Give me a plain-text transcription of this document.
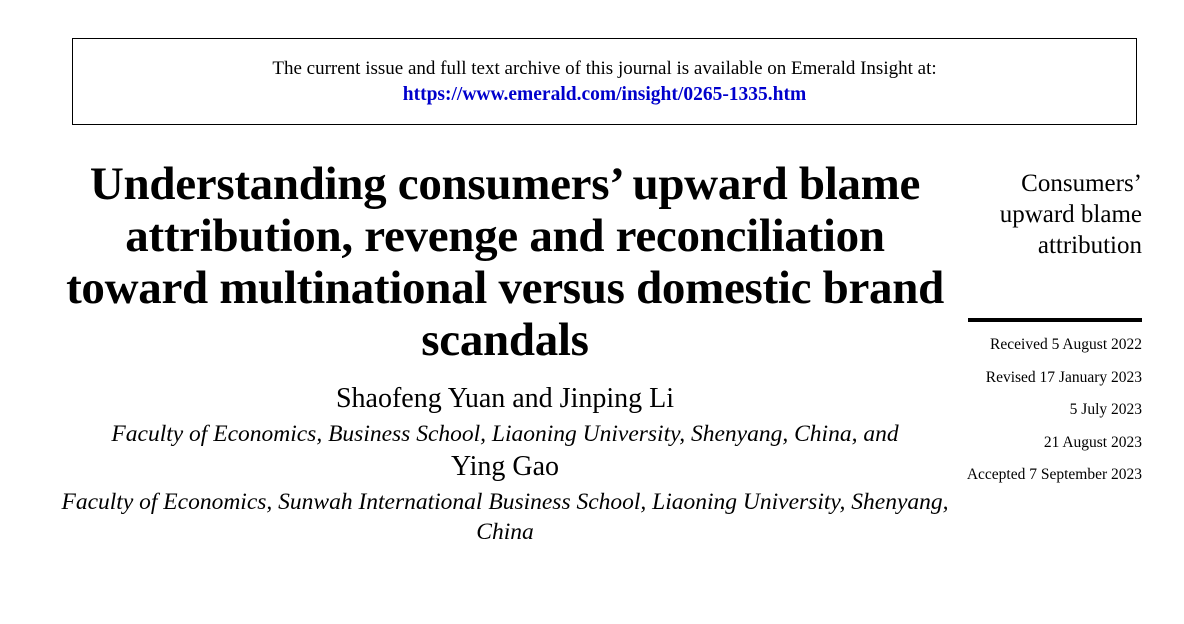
The current issue and full text archive of this journal is available on Emerald Insight at:
https://www.emerald.com/insight/0265-1335.htm
Understanding consumers’ upward blame attribution, revenge and reconciliation toward multinational versus domestic brand scandals
Shaofeng Yuan and Jinping Li
Faculty of Economics, Business School, Liaoning University, Shenyang, China, and
Ying Gao
Faculty of Economics, Sunwah International Business School, Liaoning University, Shenyang, China
Consumers’
upward blame
attribution
Received 5 August 2022
Revised 17 January 2023
5 July 2023
21 August 2023
Accepted 7 September 2023
